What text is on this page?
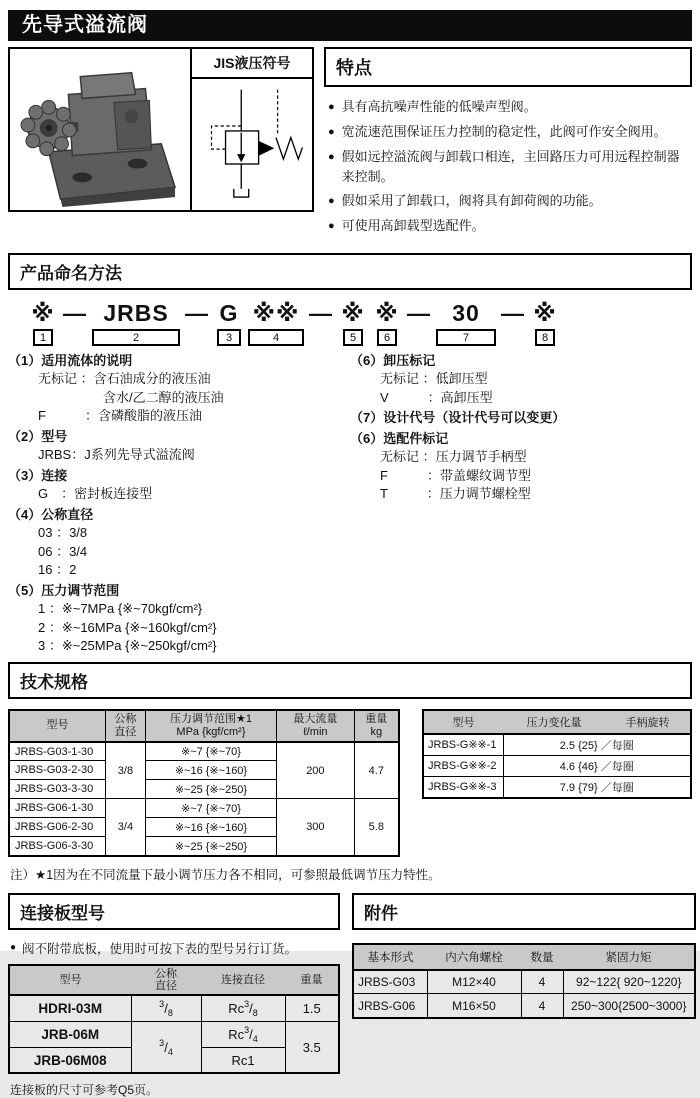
先导式溢流阀
JIS液压符号	特点
● 具有高抗噪声性能的低噪声型阀。
● 宽流速范围保证压力控制的稳定性，此阀可作安全阀用。
● 假如远控溢流阀与卸载口相连，主回路压力可用远程控制器来控制。
● 假如采用了卸载口，阀将具有卸荷阀的功能。
● 可使用高卸载型选配件。
产品命名方法
※
1
— JRBS
2
— G
3
※※
4
— ※
5
※
6
— 30
7
— ※
8
（1）适用流体的说明
无标记 ：含石油成分的液压油
　　　　　含水/乙二醇的液压油
F　　　：含磷酸脂的液压油
（2）型号
JRBS：J系列先导式溢流阀
（3）连接
G　：密封板连接型
（4）公称直径
03 ：3/8
06 ：3/4
16 ：2
（5）压力调节范围
1 ：※~7MPa {※~70kgf/cm²}
2 ：※~16MPa {※~160kgf/cm²}
3 ：※~25MPa {※~250kgf/cm²}
（6）卸压标记
无标记 ：低卸压型
V　　　：高卸压型
（7）设计代号（设计代号可以变更）
（6）选配件标记
无标记 ：压力调节手柄型
F　　　：带盖螺纹调节型
T　　　：压力调节螺栓型
技术规格
型号	公称
直径	压力调节范围★1
MPa {kgf/cm²}	最大流量
ℓ/min	重量
kg
JRBS-G03-1-30	3/8	※~7 {※~70}	200	4.7
JRBS-G03-2-30		※~16 {※~160}		
JRBS-G03-3-30		※~25 {※~250}		
JRBS-G06-1-30	3/4	※~7 {※~70}	300	5.8
JRBS-G06-2-30		※~16 {※~160}		
JRBS-G06-3-30		※~25 {※~250}		
型号	压力变化量	手柄旋转
JRBS-G※※-1	2.5 {25} ／每圈	
JRBS-G※※-2	4.6 {46} ／每圈	
JRBS-G※※-3	7.9 {79} ／每圈	
注）★1因为在不同流量下最小调节压力各不相同，可参照最低调节压力特性。
连接板型号
● 阀不附带底板，使用时可按下表的型号另行订货。
型号	公称
直径	连接直径	重量
HDRI-03M	$^3/_8$	$Rc^3/_8$	1.5
JRB-06M	$^3/_4$	$Rc^3/_4$	3.5
JRB-06M08		Rc1	
连接板的尺寸可参考Q5页。
附件
基本形式	内六角螺栓	数量	紧固力矩
JRBS-G03	M12×40	4	92~122{ 920~1220}
JRBS-G06	M16×50	4	250~300{2500~3000}
